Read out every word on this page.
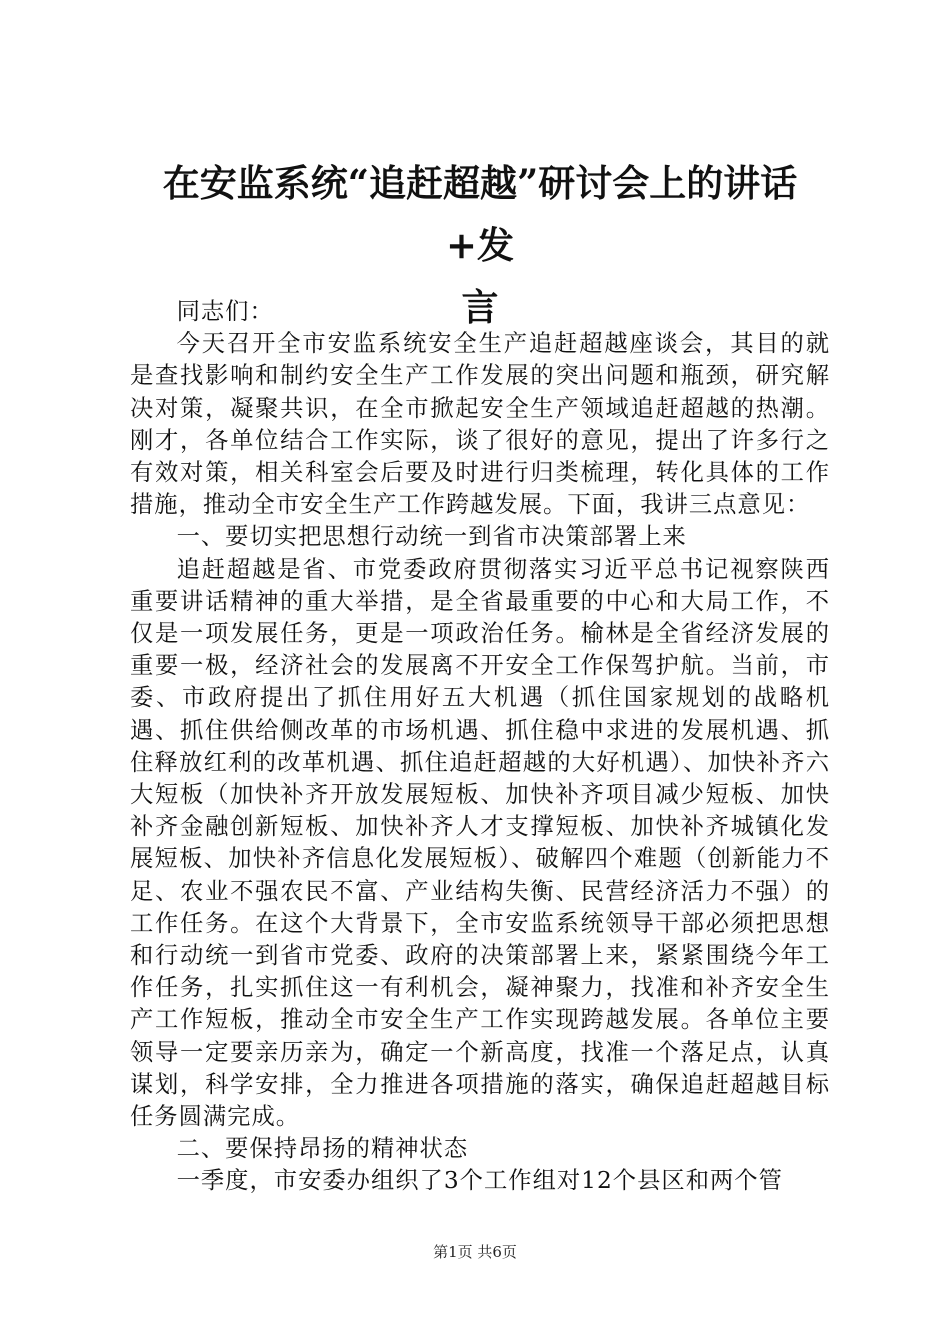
在安监系统“追赶超越”研讨会上的讲话+发
言

同志们：

今天召开全市安监系统安全生产追赶超越座谈会，其目的就是查找影响和制约安全生产工作发展的突出问题和瓶颈，研究解决对策，凝聚共识，在全市掀起安全生产领域追赶超越的热潮。刚才，各单位结合工作实际，谈了很好的意见，提出了许多行之有效对策，相关科室会后要及时进行归类梳理，转化具体的工作措施，推动全市安全生产工作跨越发展。下面，我讲三点意见：

一、要切实把思想行动统一到省市决策部署上来

追赶超越是省、市党委政府贯彻落实习近平总书记视察陕西重要讲话精神的重大举措，是全省最重要的中心和大局工作，不仅是一项发展任务，更是一项政治任务。榆林是全省经济发展的重要一极，经济社会的发展离不开安全工作保驾护航。当前，市委、市政府提出了抓住用好五大机遇（抓住国家规划的战略机遇、抓住供给侧改革的市场机遇、抓住稳中求进的发展机遇、抓住释放红利的改革机遇、抓住追赶超越的大好机遇）、加快补齐六大短板（加快补齐开放发展短板、加快补齐项目减少短板、加快补齐金融创新短板、加快补齐人才支撑短板、加快补齐城镇化发展短板、加快补齐信息化发展短板）、破解四个难题（创新能力不足、农业不强农民不富、产业结构失衡、民营经济活力不强）的工作任务。在这个大背景下，全市安监系统领导干部必须把思想和行动统一到省市党委、政府的决策部署上来，紧紧围绕今年工作任务，扎实抓住这一有利机会，凝神聚力，找准和补齐安全生产工作短板，推动全市安全生产工作实现跨越发展。各单位主要领导一定要亲历亲为，确定一个新高度，找准一个落足点，认真谋划，科学安排，全力推进各项措施的落实，确保追赶超越目标任务圆满完成。

二、要保持昂扬的精神状态

一季度，市安委办组织了3个工作组对12个县区和两个管

第1页 共6页
